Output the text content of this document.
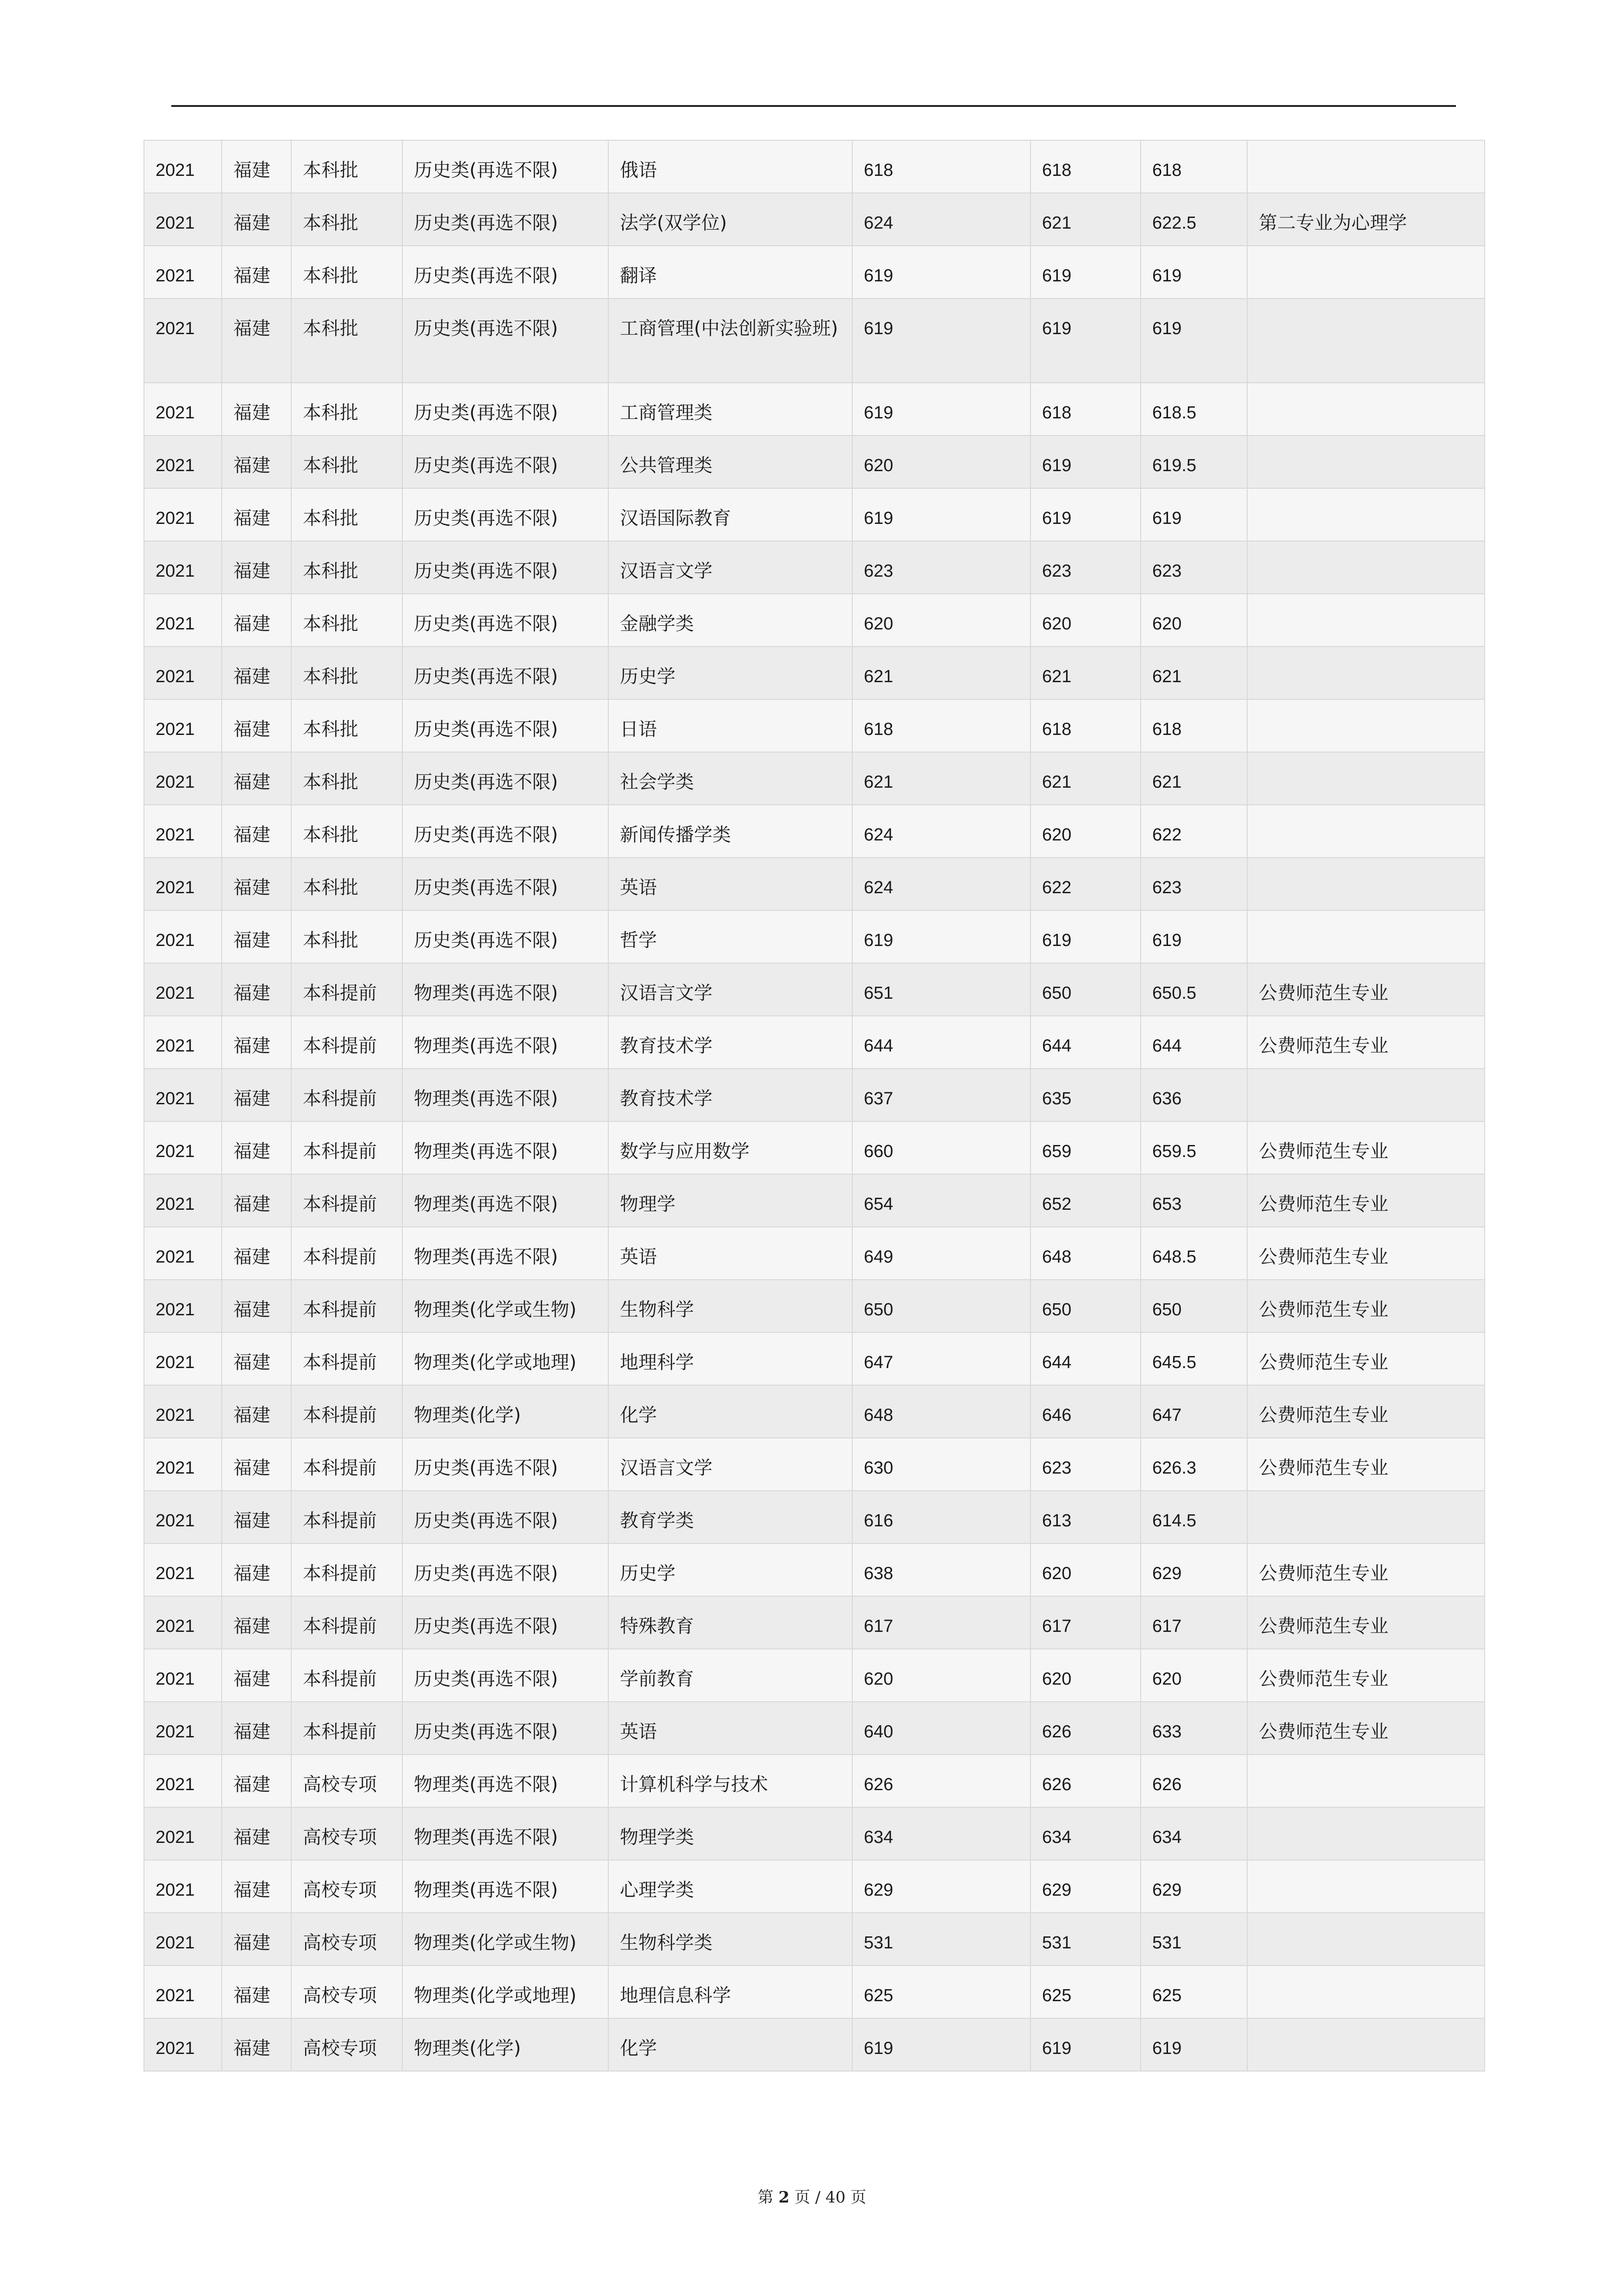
2021	福建	本科批	历史类(再选不限)	俄语	618	618	618	
2021	福建	本科批	历史类(再选不限)	法学(双学位)	624	621	622.5	第二专业为心理学
2021	福建	本科批	历史类(再选不限)	翻译	619	619	619	
2021	福建	本科批	历史类(再选不限)	工商管理(中法创新实验班)	619	619	619	
2021	福建	本科批	历史类(再选不限)	工商管理类	619	618	618.5	
2021	福建	本科批	历史类(再选不限)	公共管理类	620	619	619.5	
2021	福建	本科批	历史类(再选不限)	汉语国际教育	619	619	619	
2021	福建	本科批	历史类(再选不限)	汉语言文学	623	623	623	
2021	福建	本科批	历史类(再选不限)	金融学类	620	620	620	
2021	福建	本科批	历史类(再选不限)	历史学	621	621	621	
2021	福建	本科批	历史类(再选不限)	日语	618	618	618	
2021	福建	本科批	历史类(再选不限)	社会学类	621	621	621	
2021	福建	本科批	历史类(再选不限)	新闻传播学类	624	620	622	
2021	福建	本科批	历史类(再选不限)	英语	624	622	623	
2021	福建	本科批	历史类(再选不限)	哲学	619	619	619	
2021	福建	本科提前	物理类(再选不限)	汉语言文学	651	650	650.5	公费师范生专业
2021	福建	本科提前	物理类(再选不限)	教育技术学	644	644	644	公费师范生专业
2021	福建	本科提前	物理类(再选不限)	教育技术学	637	635	636	
2021	福建	本科提前	物理类(再选不限)	数学与应用数学	660	659	659.5	公费师范生专业
2021	福建	本科提前	物理类(再选不限)	物理学	654	652	653	公费师范生专业
2021	福建	本科提前	物理类(再选不限)	英语	649	648	648.5	公费师范生专业
2021	福建	本科提前	物理类(化学或生物)	生物科学	650	650	650	公费师范生专业
2021	福建	本科提前	物理类(化学或地理)	地理科学	647	644	645.5	公费师范生专业
2021	福建	本科提前	物理类(化学)	化学	648	646	647	公费师范生专业
2021	福建	本科提前	历史类(再选不限)	汉语言文学	630	623	626.3	公费师范生专业
2021	福建	本科提前	历史类(再选不限)	教育学类	616	613	614.5	
2021	福建	本科提前	历史类(再选不限)	历史学	638	620	629	公费师范生专业
2021	福建	本科提前	历史类(再选不限)	特殊教育	617	617	617	公费师范生专业
2021	福建	本科提前	历史类(再选不限)	学前教育	620	620	620	公费师范生专业
2021	福建	本科提前	历史类(再选不限)	英语	640	626	633	公费师范生专业
2021	福建	高校专项	物理类(再选不限)	计算机科学与技术	626	626	626	
2021	福建	高校专项	物理类(再选不限)	物理学类	634	634	634	
2021	福建	高校专项	物理类(再选不限)	心理学类	629	629	629	
2021	福建	高校专项	物理类(化学或生物)	生物科学类	531	531	531	
2021	福建	高校专项	物理类(化学或地理)	地理信息科学	625	625	625	
2021	福建	高校专项	物理类(化学)	化学	619	619	619	
第 2 页 / 40 页
